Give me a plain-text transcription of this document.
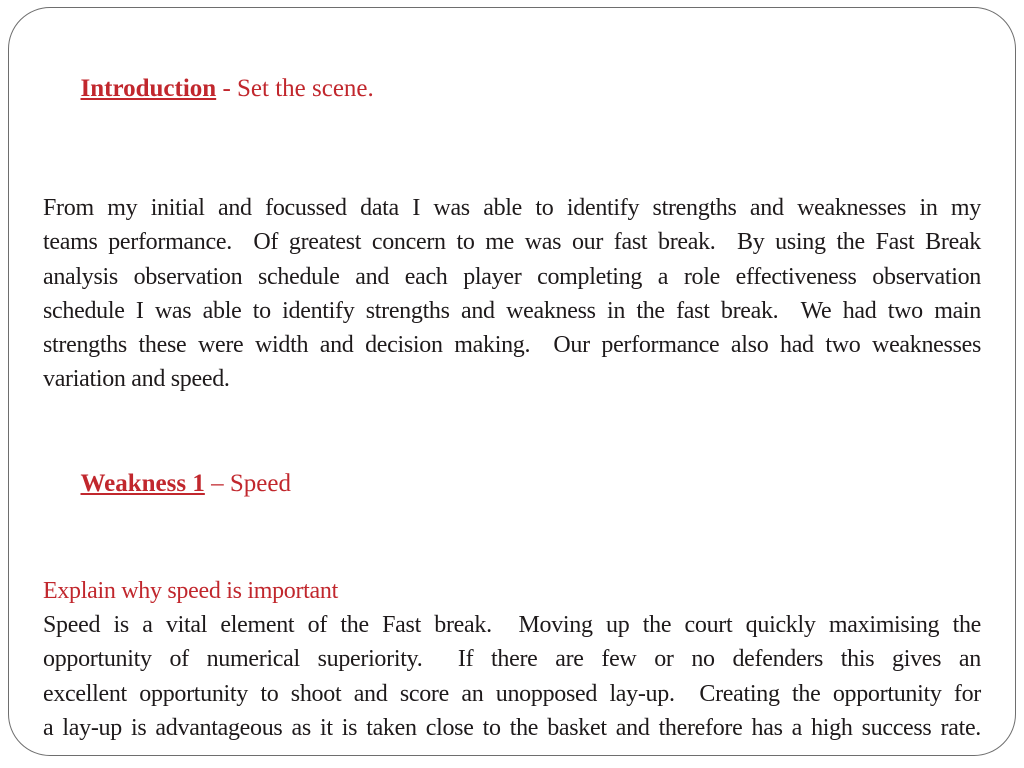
Introduction - Set the scene.

From my initial and focussed data I was able to identify strengths and weaknesses in my
teams performance.  Of greatest concern to me was our fast break.  By using the Fast Break
analysis observation schedule and each player completing a role effectiveness observation
schedule I was able to identify strengths and weakness in the fast break.  We had two main
strengths these were width and decision making.  Our performance also had two weaknesses
variation and speed.

Weakness 1 – Speed

Explain why speed is important
Speed is a vital element of the Fast break.  Moving up the court quickly maximising the
opportunity of numerical superiority.  If there are few or no defenders this gives an
excellent opportunity to shoot and score an unopposed lay-up.  Creating the opportunity for
a lay-up is advantageous as it is taken close to the basket and therefore has a high success rate.
